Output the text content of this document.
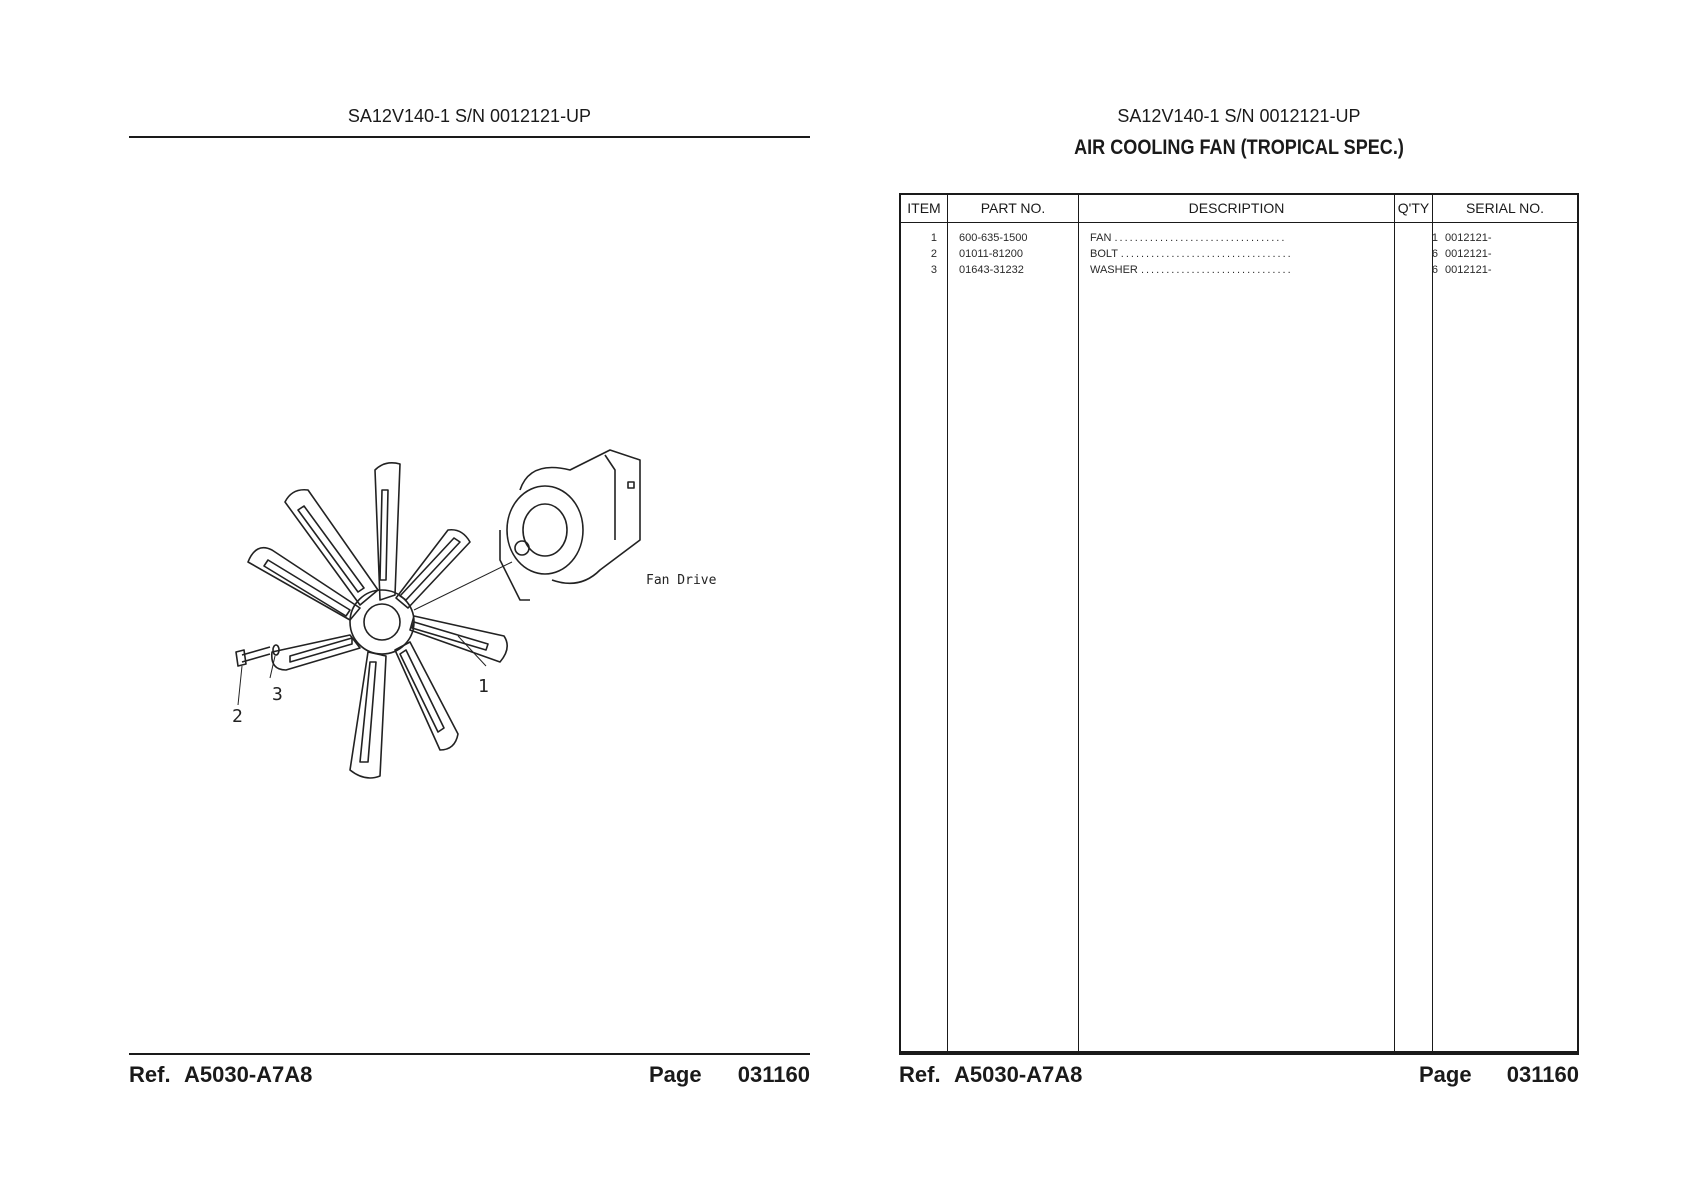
SA12V140-1 S/N 0012121-UP
1
2
3
Fan Drive
Ref. A5030-A7A8	Page 031160
SA12V140-1 S/N 0012121-UP
AIR COOLING FAN (TROPICAL SPEC.)
ITEM	PART NO.	DESCRIPTION	Q'TY	SERIAL NO.
1 600-635-1500	FAN ..................................	1 0012121-
2 01011-81200	BOLT ..................................	6 0012121-
3 01643-31232	WASHER ..............................	6 0012121-
Ref. A5030-A7A8	Page 031160
